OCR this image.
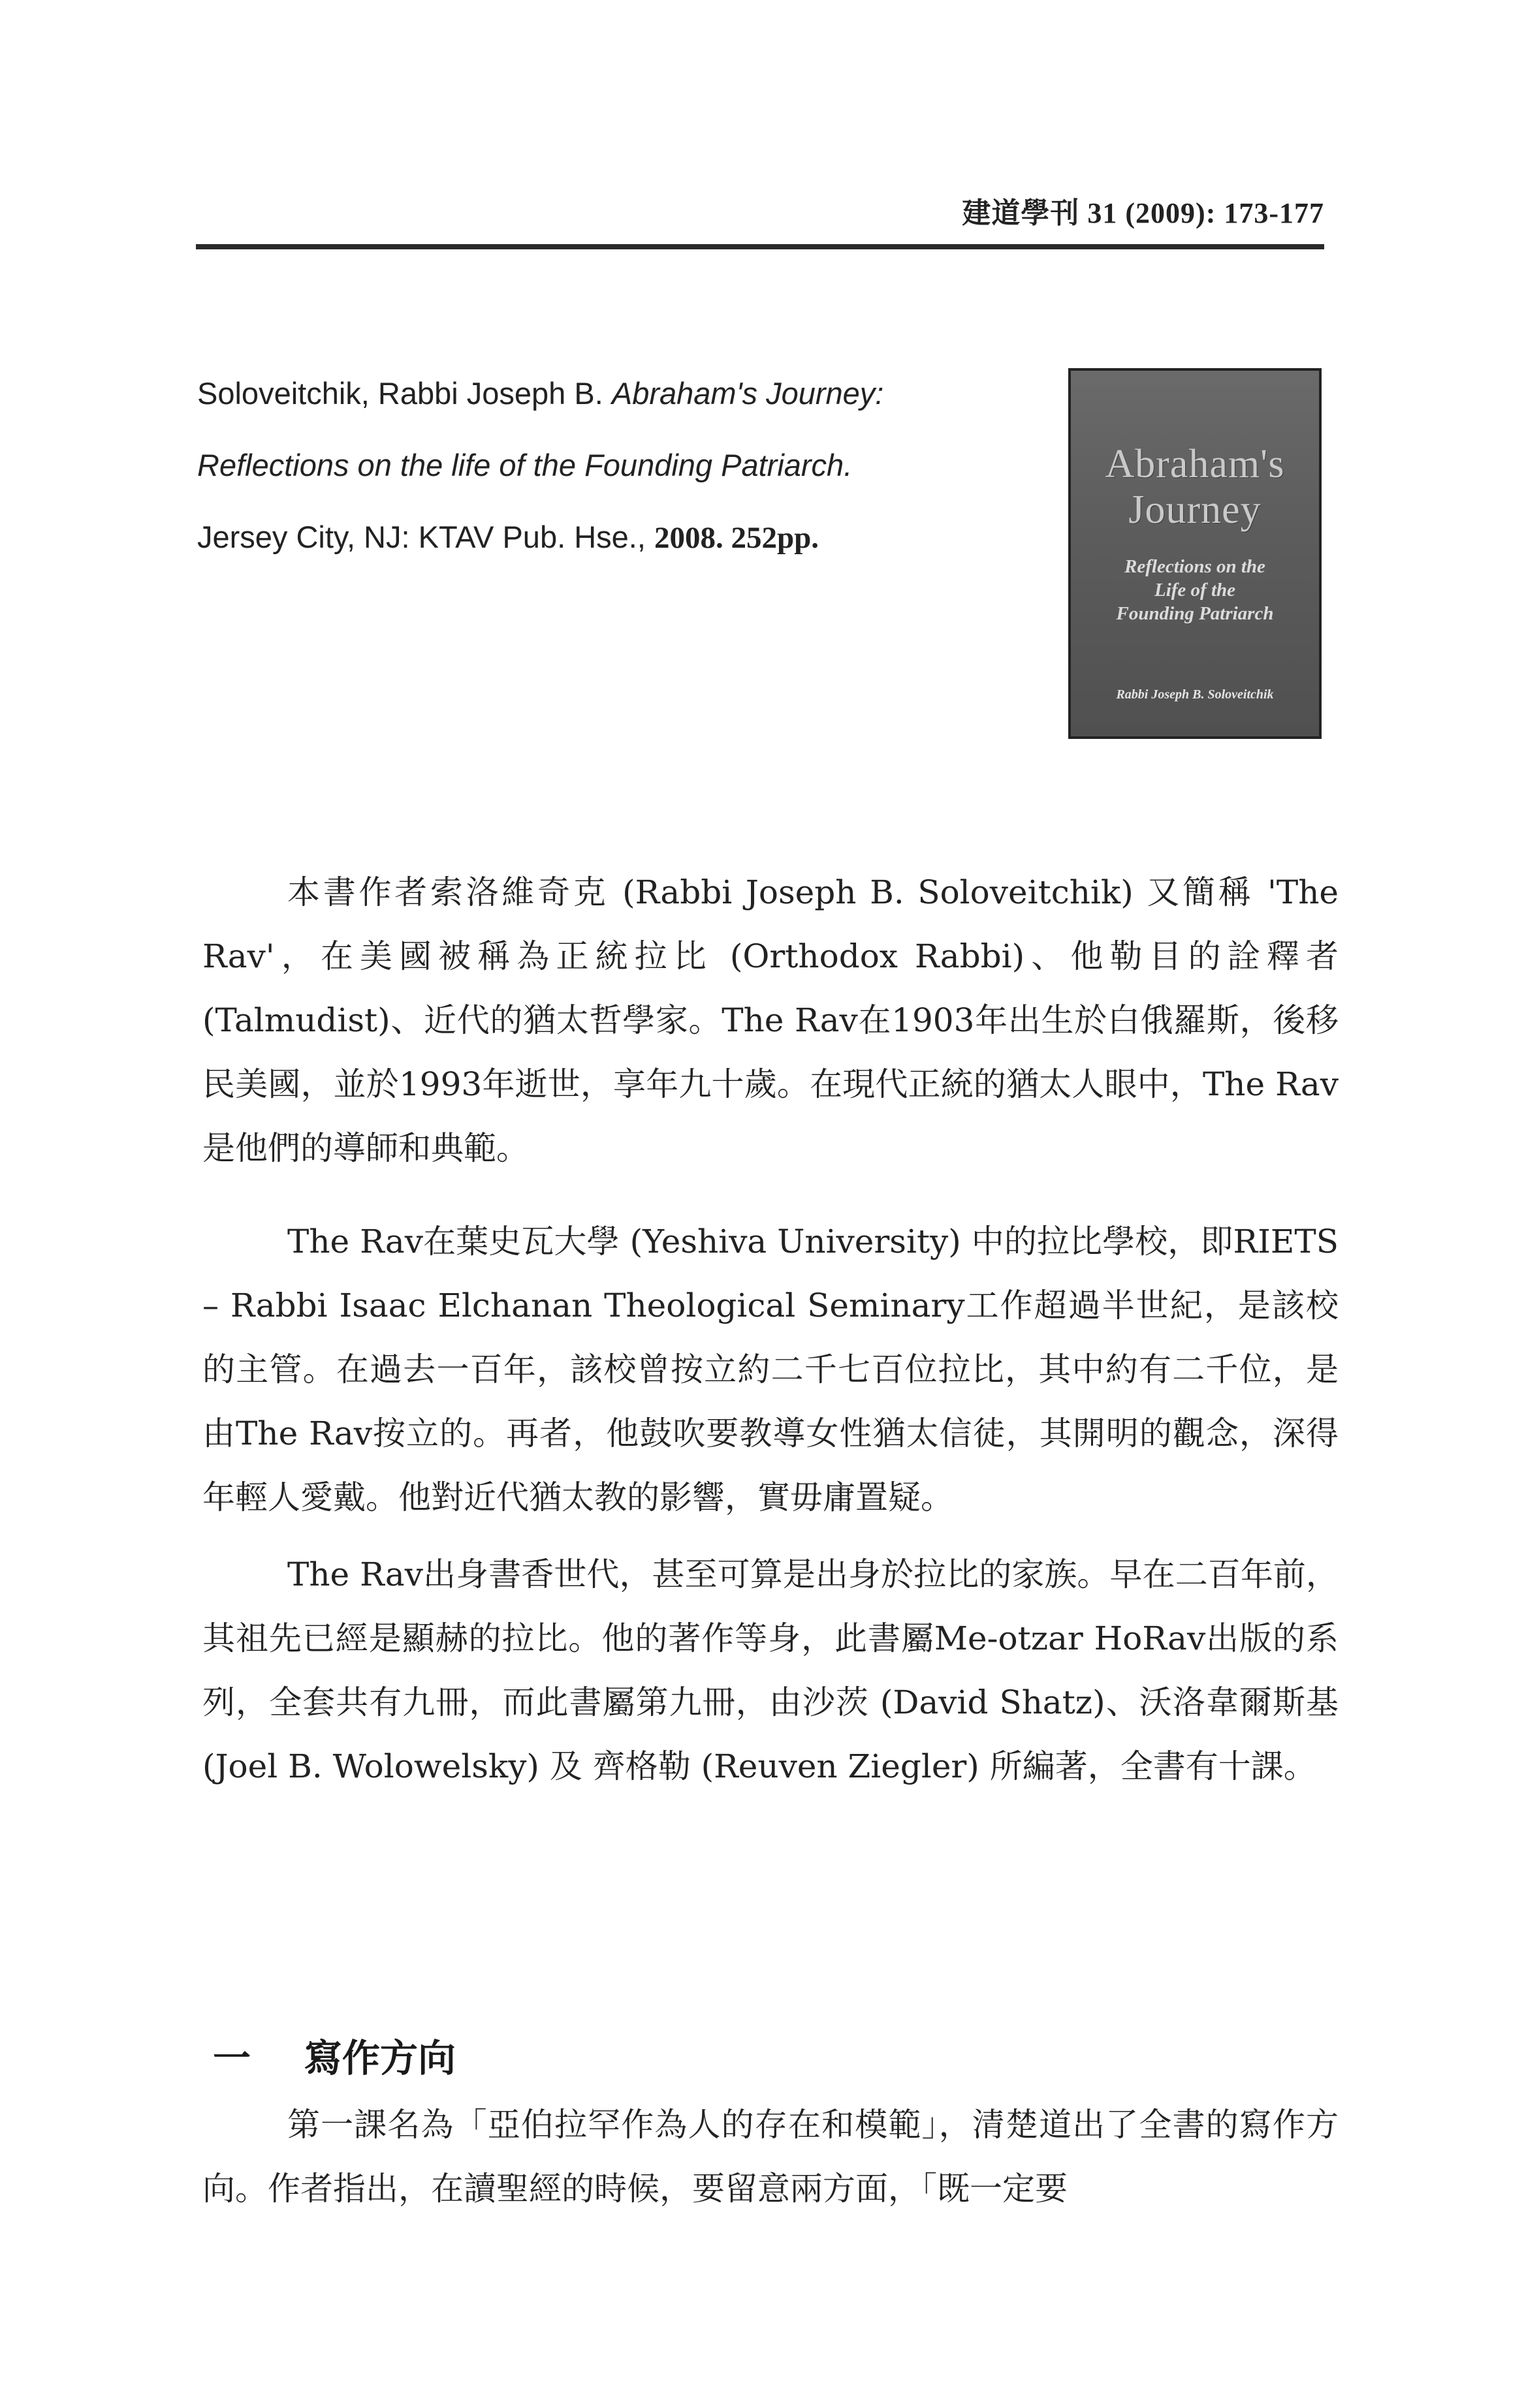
建道學刊 31 (2009): 173-177

Soloveitchik, Rabbi Joseph B. Abraham's Journey:

Reflections on the life of the Founding Patriarch.

Jersey City, NJ: KTAV Pub. Hse., 2008. 252pp.

Abraham's
Journey
Reflections on the
Life of the
Founding Patriarch
Rabbi Joseph B. Soloveitchik

本書作者索洛維奇克 (Rabbi Joseph B. Soloveitchik) 又簡稱 'The Rav'，在美國被稱為正統拉比 (Orthodox Rabbi)、他勒目的詮釋者 (Talmudist)、近代的猶太哲學家。The Rav在1903年出生於白俄羅斯，後移民美國，並於1993年逝世，享年九十歲。在現代正統的猶太人眼中，The Rav是他們的導師和典範。

The Rav在葉史瓦大學 (Yeshiva University) 中的拉比學校，即RIETS – Rabbi Isaac Elchanan Theological Seminary工作超過半世紀，是該校的主管。在過去一百年，該校曾按立約二千七百位拉比，其中約有二千位，是由The Rav按立的。再者，他鼓吹要教導女性猶太信徒，其開明的觀念，深得年輕人愛戴。他對近代猶太教的影響，實毋庸置疑。

The Rav出身書香世代，甚至可算是出身於拉比的家族。早在二百年前，其祖先已經是顯赫的拉比。他的著作等身，此書屬Me-otzar HoRav出版的系列，全套共有九冊，而此書屬第九冊，由沙茨 (David Shatz)、沃洛韋爾斯基 (Joel B. Wolowelsky) 及 齊格勒 (Reuven Ziegler) 所編著，全書有十課。

一 寫作方向

第一課名為「亞伯拉罕作為人的存在和模範」，清楚道出了全書的寫作方向。作者指出，在讀聖經的時候，要留意兩方面，「既一定要
